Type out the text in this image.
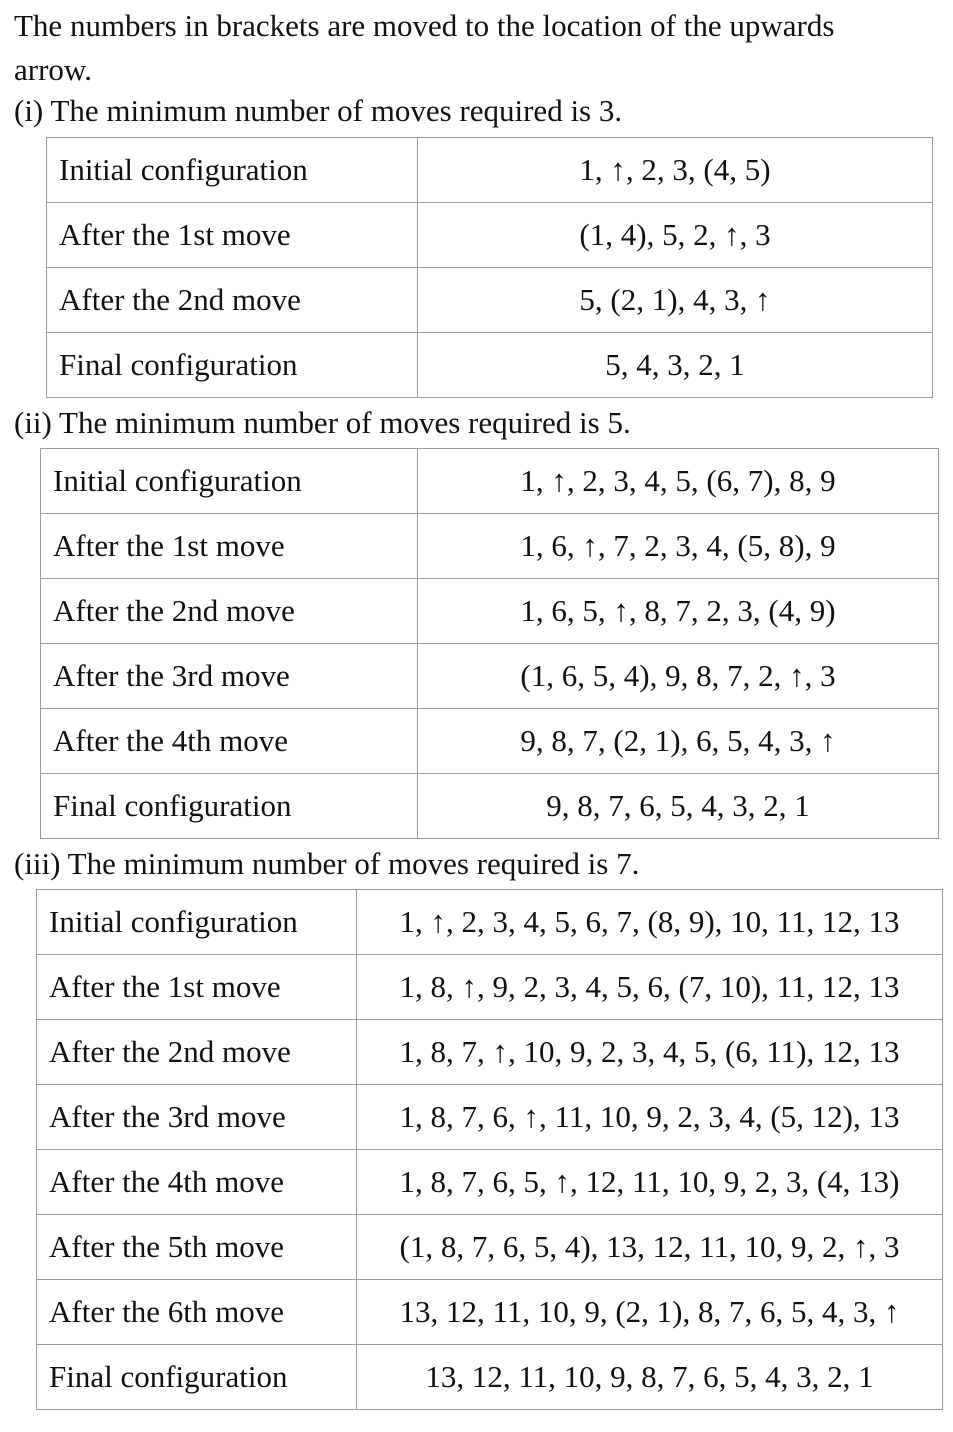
The numbers in brackets are moved to the location of the upwards
arrow.
(i) The minimum number of moves required is 3.
Initial configuration	1, ↑, 2, 3, (4, 5)
After the 1st move	(1, 4), 5, 2, ↑, 3
After the 2nd move	5, (2, 1), 4, 3, ↑
Final configuration	5, 4, 3, 2, 1
(ii) The minimum number of moves required is 5.
Initial configuration	1, ↑, 2, 3, 4, 5, (6, 7), 8, 9
After the 1st move	1, 6, ↑, 7, 2, 3, 4, (5, 8), 9
After the 2nd move	1, 6, 5, ↑, 8, 7, 2, 3, (4, 9)
After the 3rd move	(1, 6, 5, 4), 9, 8, 7, 2, ↑, 3
After the 4th move	9, 8, 7, (2, 1), 6, 5, 4, 3, ↑
Final configuration	9, 8, 7, 6, 5, 4, 3, 2, 1
(iii) The minimum number of moves required is 7.
Initial configuration	1, ↑, 2, 3, 4, 5, 6, 7, (8, 9), 10, 11, 12, 13
After the 1st move	1, 8, ↑, 9, 2, 3, 4, 5, 6, (7, 10), 11, 12, 13
After the 2nd move	1, 8, 7, ↑, 10, 9, 2, 3, 4, 5, (6, 11), 12, 13
After the 3rd move	1, 8, 7, 6, ↑, 11, 10, 9, 2, 3, 4, (5, 12), 13
After the 4th move	1, 8, 7, 6, 5, ↑, 12, 11, 10, 9, 2, 3, (4, 13)
After the 5th move	(1, 8, 7, 6, 5, 4), 13, 12, 11, 10, 9, 2, ↑, 3
After the 6th move	13, 12, 11, 10, 9, (2, 1), 8, 7, 6, 5, 4, 3, ↑
Final configuration	13, 12, 11, 10, 9, 8, 7, 6, 5, 4, 3, 2, 1
